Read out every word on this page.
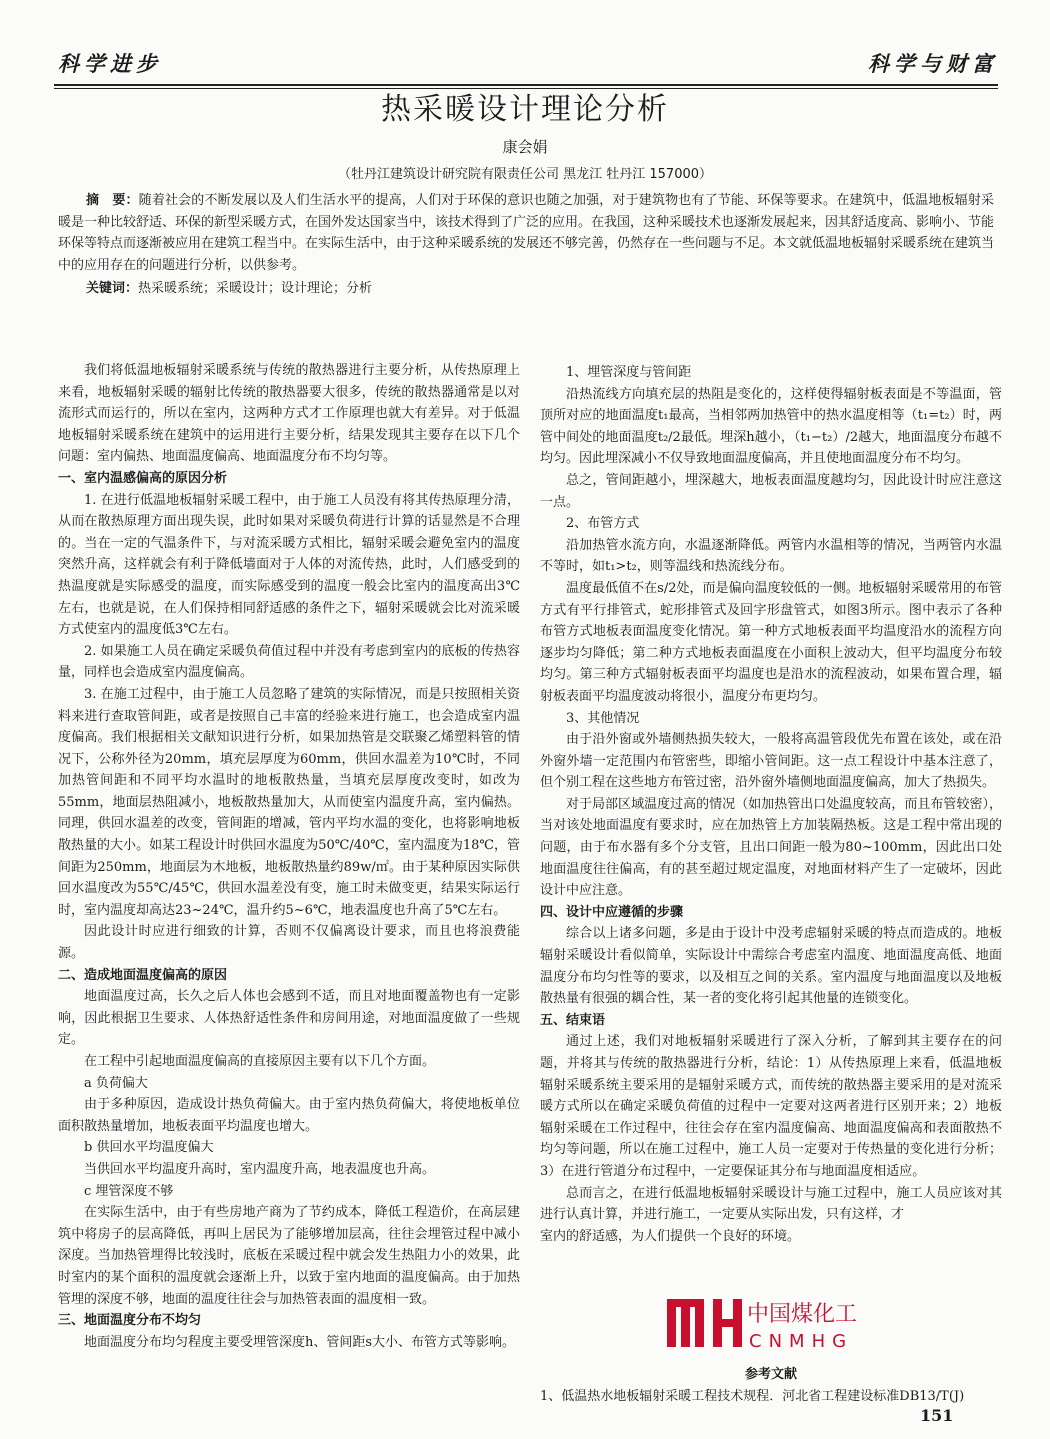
科学进步	科学与财富
热采暖设计理论分析
康会娟
（牡丹江建筑设计研究院有限责任公司 黑龙江 牡丹江 157000）
摘　要：随着社会的不断发展以及人们生活水平的提高，人们对于环保的意识也随之加强，对于建筑物也有了节能、环保等要求。在建筑中，低温地板辐射采暖是一种比较舒适、环保的新型采暖方式，在国外发达国家当中，该技术得到了广泛的应用。在我国，这种采暖技术也逐渐发展起来，因其舒适度高、影响小、节能环保等特点而逐渐被应用在建筑工程当中。在实际生活中，由于这种采暖系统的发展还不够完善，仍然存在一些问题与不足。本文就低温地板辐射采暖系统在建筑当中的应用存在的问题进行分析，以供参考。
关键词：热采暖系统；采暖设计；设计理论；分析

我们将低温地板辐射采暖系统与传统的散热器进行主要分析，从传热原理上来看，地板辐射采暖的辐射比传统的散热器要大很多，传统的散热器通常是以对流形式而运行的，所以在室内，这两种方式才工作原理也就大有差异。对于低温地板辐射采暖系统在建筑中的运用进行主要分析，结果发现其主要存在以下几个问题：室内偏热、地面温度偏高、地面温度分布不均匀等。

一、室内温感偏高的原因分析

1. 在进行低温地板辐射采暖工程中，由于施工人员没有将其传热原理分清，从而在散热原理方面出现失误，此时如果对采暖负荷进行计算的话显然是不合理的。当在一定的气温条件下，与对流采暖方式相比，辐射采暖会避免室内的温度突然升高，这样就会有利于降低墙面对于人体的对流传热，此时，人们感受到的热温度就是实际感受的温度，而实际感受到的温度一般会比室内的温度高出3℃左右，也就是说，在人们保持相同舒适感的条件之下，辐射采暖就会比对流采暖方式使室内的温度低3℃左右。

2. 如果施工人员在确定采暖负荷值过程中并没有考虑到室内的底板的传热容量，同样也会造成室内温度偏高。

3. 在施工过程中，由于施工人员忽略了建筑的实际情况，而是只按照相关资料来进行查取管间距，或者是按照自己丰富的经验来进行施工，也会造成室内温度偏高。我们根据相关文献知识进行分析，如果加热管是交联聚乙烯塑料管的情况下，公称外径为20mm，填充层厚度为60mm，供回水温差为10℃时，不同加热管间距和不同平均水温时的地板散热量，当填充层厚度改变时，如改为55mm，地面层热阻减小，地板散热量加大，从而使室内温度升高，室内偏热。同理，供回水温差的改变，管间距的增减，管内平均水温的变化，也将影响地板散热量的大小。如某工程设计时供回水温度为50℃/40℃，室内温度为18℃，管间距为250mm，地面层为木地板，地板散热量约89w/㎡。由于某种原因实际供回水温度改为55℃/45℃，供回水温差没有变，施工时未做变更，结果实际运行时，室内温度却高达23~24℃，温升约5~6℃，地表温度也升高了5℃左右。

因此设计时应进行细致的计算，否则不仅偏离设计要求，而且也将浪费能源。

二、造成地面温度偏高的原因

地面温度过高，长久之后人体也会感到不适，而且对地面覆盖物也有一定影响，因此根据卫生要求、人体热舒适性条件和房间用途，对地面温度做了一些规定。

在工程中引起地面温度偏高的直接原因主要有以下几个方面。

a 负荷偏大

由于多种原因，造成设计热负荷偏大。由于室内热负荷偏大，将使地板单位面积散热量增加，地板表面平均温度也增大。

b 供回水平均温度偏大

当供回水平均温度升高时，室内温度升高，地表温度也升高。

c 埋管深度不够

在实际生活中，由于有些房地产商为了节约成本，降低工程造价，在高层建筑中将房子的层高降低，再叫上居民为了能够增加层高，往往会埋管过程中减小深度。当加热管埋得比较浅时，底板在采暖过程中就会发生热阻力小的效果，此时室内的某个面积的温度就会逐渐上升，以致于室内地面的温度偏高。由于加热管埋的深度不够，地面的温度往往会与加热管表面的温度相一致。

三、地面温度分布不均匀

地面温度分布均匀程度主要受埋管深度h、管间距s大小、布管方式等影响。

1、埋管深度与管间距

沿热流线方向填充层的热阻是变化的，这样使得辐射板表面是不等温面，管顶所对应的地面温度t₁最高，当相邻两加热管中的热水温度相等（t₁=t₂）时，两管中间处的地面温度t₂/2最低。埋深h越小，（t₁−t₂）/2越大，地面温度分布越不均匀。因此埋深减小不仅导致地面温度偏高，并且使地面温度分布不均匀。

总之，管间距越小，埋深越大，地板表面温度越均匀，因此设计时应注意这一点。

2、布管方式

沿加热管水流方向，水温逐渐降低。两管内水温相等的情况，当两管内水温不等时，如t₁>t₂，则等温线和热流线分布。

温度最低值不在s/2处，而是偏向温度较低的一侧。地板辐射采暖常用的布管方式有平行排管式，蛇形排管式及回字形盘管式，如图3所示。图中表示了各种布管方式地板表面温度变化情况。第一种方式地板表面平均温度沿水的流程方向逐步均匀降低；第二种方式地板表面温度在小面积上波动大，但平均温度分布较均匀。第三种方式辐射板表面平均温度也是沿水的流程波动，如果布置合理，辐射板表面平均温度波动将很小，温度分布更均匀。

3、其他情况

由于沿外窗或外墙侧热损失较大，一般将高温管段优先布置在该处，或在沿外窗外墙一定范围内布管密些，即缩小管间距。这一点工程设计中基本注意了，但个别工程在这些地方布管过密，沿外窗外墙侧地面温度偏高，加大了热损失。

对于局部区域温度过高的情况（如加热管出口处温度较高，而且布管较密），当对该处地面温度有要求时，应在加热管上方加装隔热板。这是工程中常出现的问题，由于布水器有多个分支管，且出口间距一般为80~100mm，因此出口处地面温度往往偏高，有的甚至超过规定温度，对地面材料产生了一定破坏，因此设计中应注意。

四、设计中应遵循的步骤

综合以上诸多问题，多是由于设计中没考虑辐射采暖的特点而造成的。地板辐射采暖设计看似简单，实际设计中需综合考虑室内温度、地面温度高低、地面温度分布均匀性等的要求，以及相互之间的关系。室内温度与地面温度以及地板散热量有很强的耦合性，某一者的变化将引起其他量的连锁变化。

五、结束语

通过上述，我们对地板辐射采暖进行了深入分析，了解到其主要存在的问题，并将其与传统的散热器进行分析，结论：1）从传热原理上来看，低温地板辐射采暖系统主要采用的是辐射采暖方式，而传统的散热器主要采用的是对流采暖方式所以在确定采暖负荷值的过程中一定要对这两者进行区别开来；2）地板辐射采暖在工作过程中，往往会存在室内温度偏高、地面温度偏高和表面散热不均匀等问题，所以在施工过程中，施工人员一定要对于传热量的变化进行分析；3）在进行管道分布过程中，一定要保证其分布与地面温度相适应。

总而言之，在进行低温地板辐射采暖设计与施工过程中，施工人员应该对其进行认真计算，并进行施工，一定要从实际出发，只有这样，才

室内的舒适感，为人们提供一个良好的环境。

参考文献
1、低温热水地板辐射采暖工程技术规程．河北省工程建设标准DB13/T(J)
中国煤化工
CNMHG
151
